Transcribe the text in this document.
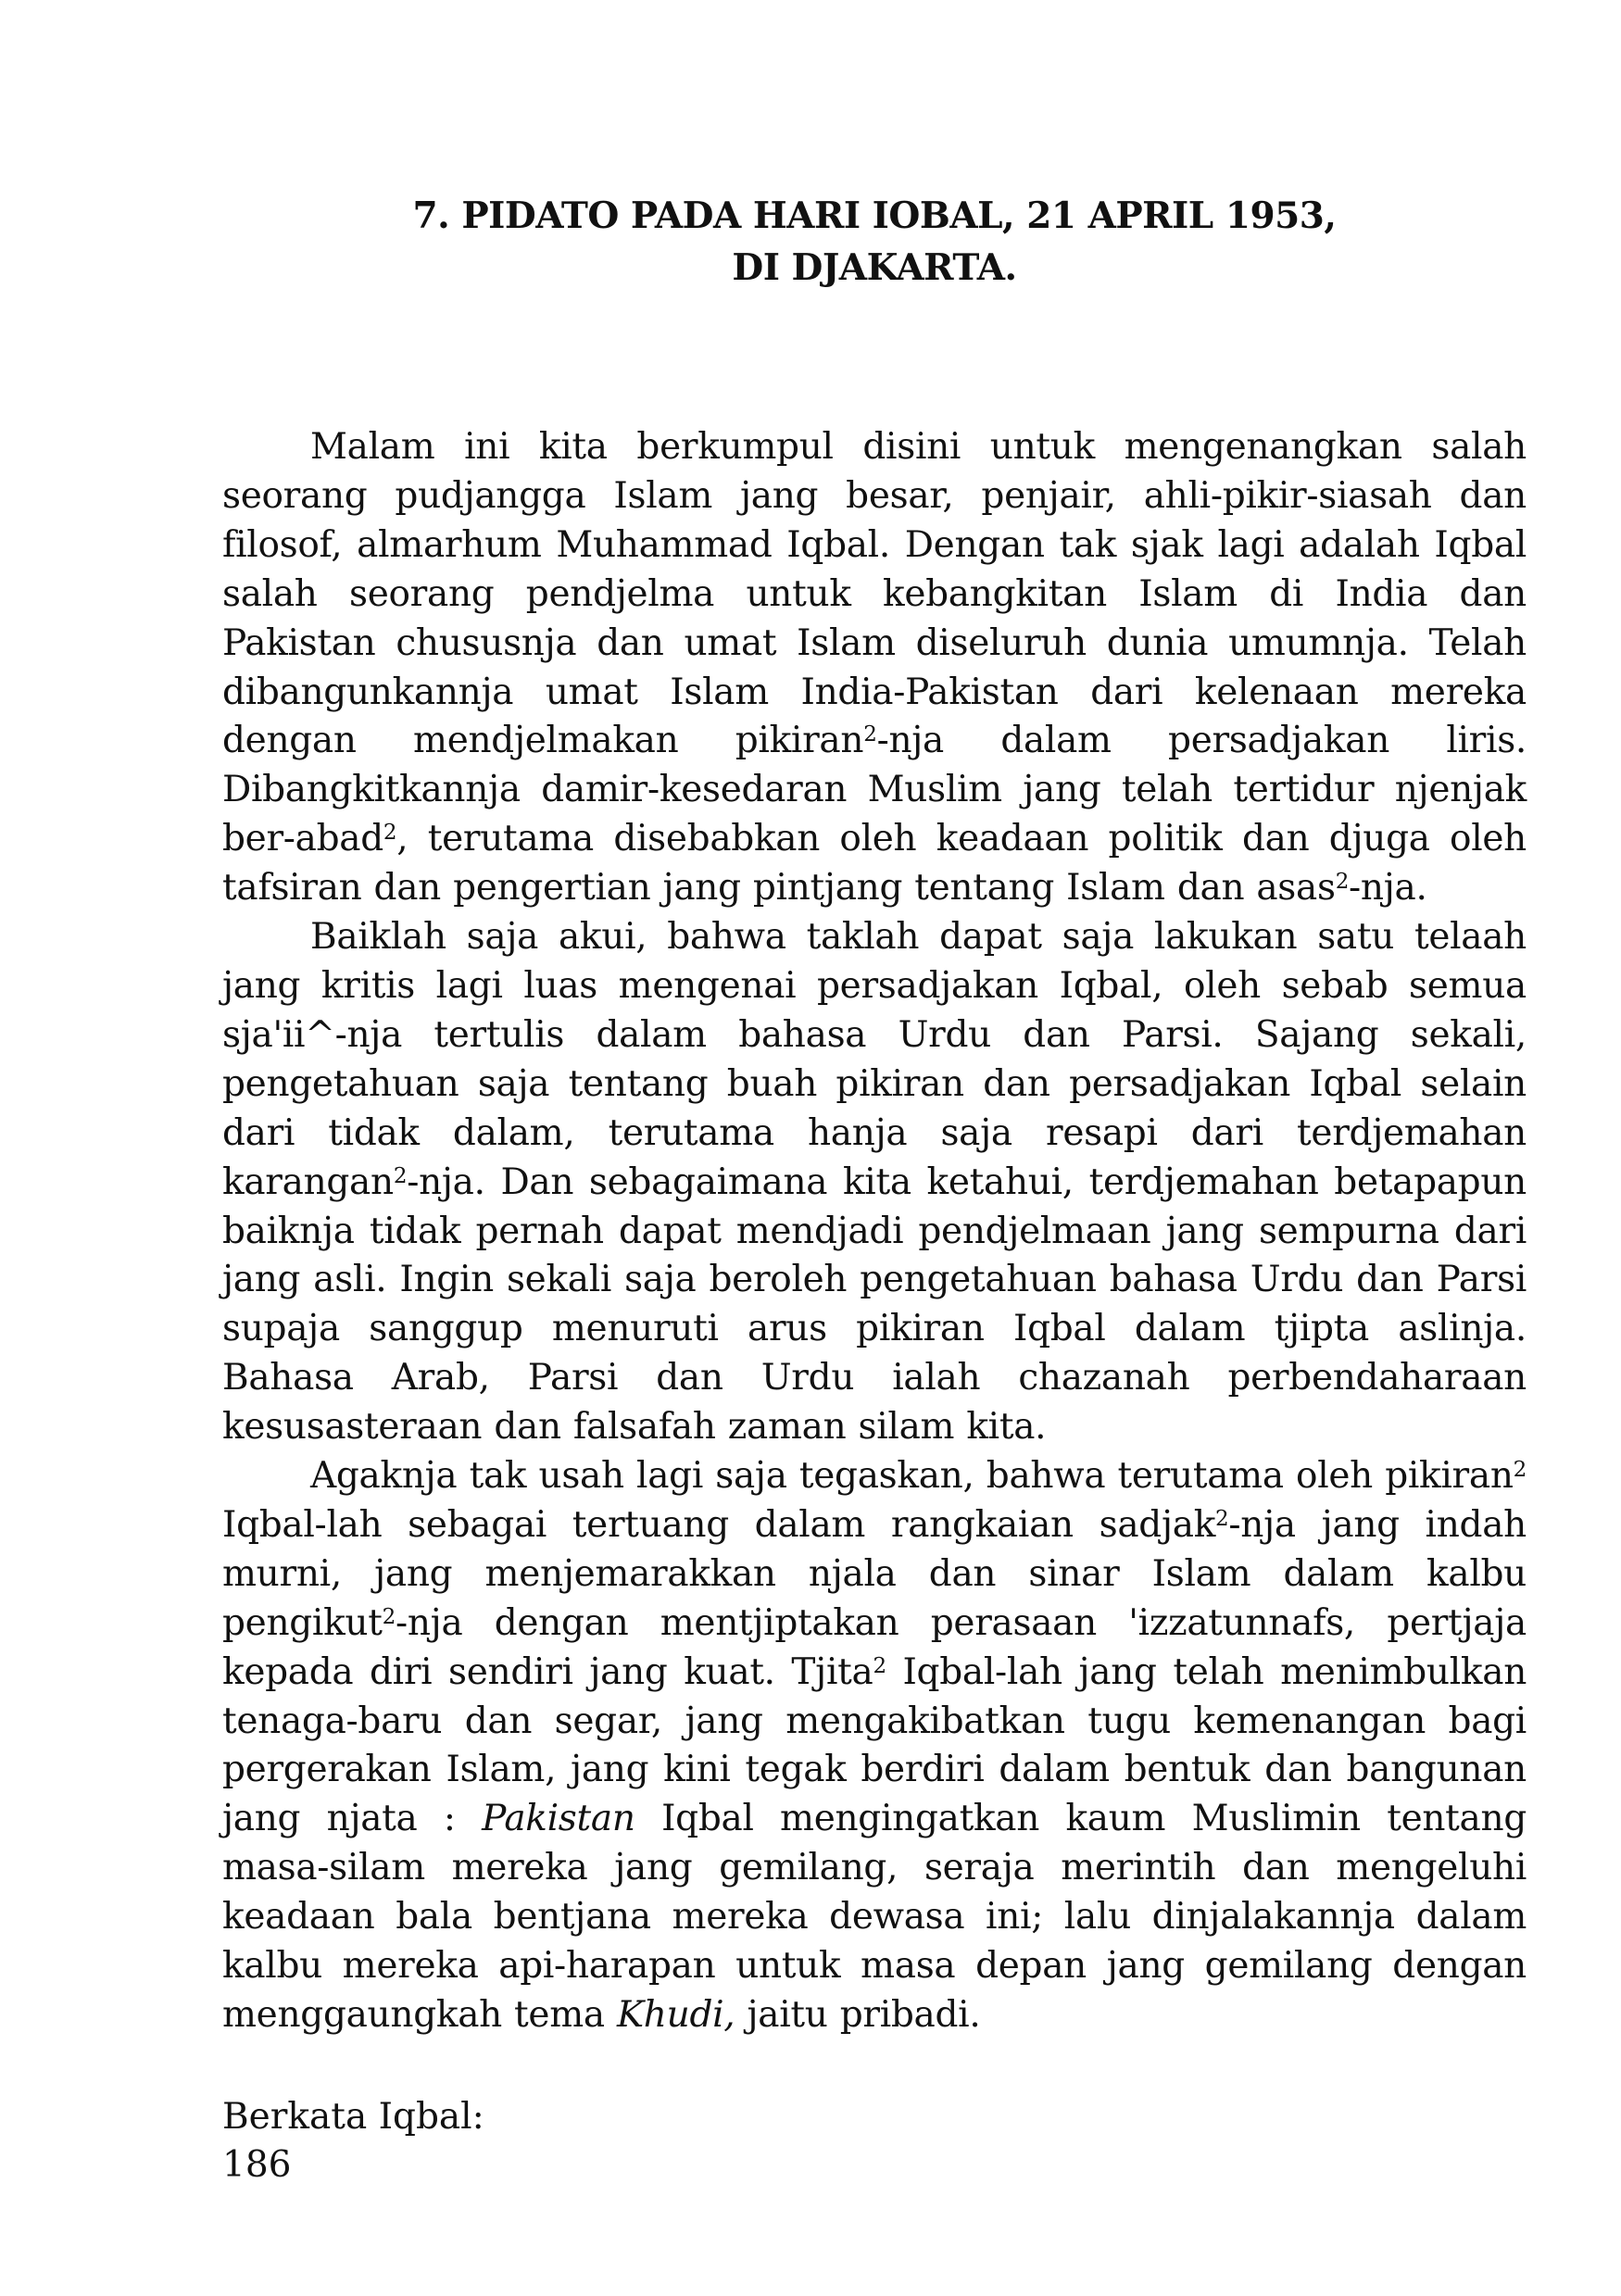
7. PIDATO PADA HARI IOBAL, 21 APRIL 1953,
DI DJAKARTA.

Malam ini kita berkumpul disini untuk mengenangkan salah seorang pudjangga Islam jang besar, penjair, ahli-pikir-siasah dan filosof, almarhum Muhammad Iqbal. Dengan tak sjak lagi adalah Iqbal salah seorang pendjelma untuk kebangkitan Islam di India dan Pakistan chususnja dan umat Islam diseluruh dunia umumnja. Telah dibangunkannja umat Islam India-Pakistan dari kelenaan mereka dengan mendjelmakan pikiran$^2$-nja dalam persadjakan liris. Dibangkitkannja damir-kesedaran Muslim jang telah tertidur njenjak ber-abad$^2$, terutama disebabkan oleh keadaan politik dan djuga oleh tafsiran dan pengertian jang pintjang tentang Islam dan asas$^2$-nja.

Baiklah saja akui, bahwa taklah dapat saja lakukan satu telaah jang kritis lagi luas mengenai persadjakan Iqbal, oleh sebab semua sja'ii^-nja tertulis dalam bahasa Urdu dan Parsi. Sajang sekali, pengetahuan saja tentang buah pikiran dan persadjakan Iqbal selain dari tidak dalam, terutama hanja saja resapi dari terdjemahan karangan$^2$-nja. Dan sebagaimana kita ketahui, terdjemahan betapapun baiknja tidak pernah dapat mendjadi pendjelmaan jang sempurna dari jang asli. Ingin sekali saja beroleh pengetahuan bahasa Urdu dan Parsi supaja sanggup menuruti arus pikiran Iqbal dalam tjipta aslinja. Bahasa Arab, Parsi dan Urdu ialah chazanah perbendaharaan kesusasteraan dan falsafah zaman silam kita.

Agaknja tak usah lagi saja tegaskan, bahwa terutama oleh pikiran$^2$ Iqbal-lah sebagai tertuang dalam rangkaian sadjak$^2$-nja jang indah murni, jang menjemarakkan njala dan sinar Islam dalam kalbu pengikut$^2$-nja dengan mentjiptakan perasaan 'izzatunnafs, pertjaja kepada diri sendiri jang kuat. Tjita$^2$ Iqbal-lah jang telah menimbulkan tenaga-baru dan segar, jang mengakibatkan tugu kemenangan bagi pergerakan Islam, jang kini tegak berdiri dalam bentuk dan bangunan jang njata : Pakistan Iqbal mengingatkan kaum Muslimin tentang masa-silam mereka jang gemilang, seraja merintih dan mengeluhi keadaan bala bentjana mereka dewasa ini; lalu dinjalakannja dalam kalbu mereka api-harapan untuk masa depan jang gemilang dengan menggaungkah tema Khudi, jaitu pribadi.

Berkata Iqbal:

186
